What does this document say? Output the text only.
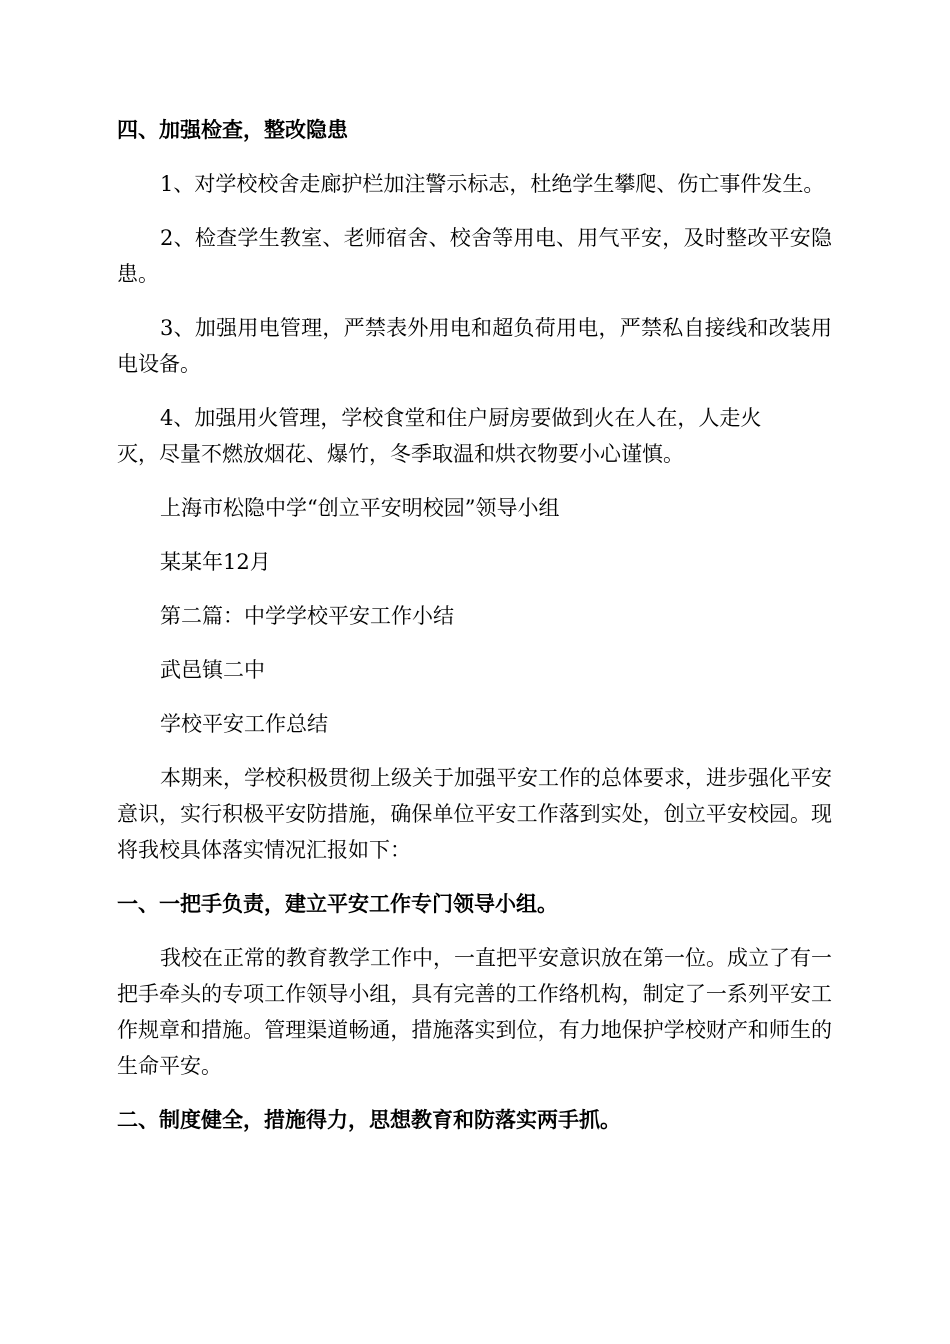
四、加强检查，整改隐患

1、对学校校舍走廊护栏加注警示标志，杜绝学生攀爬、伤亡事件发生。

2、检查学生教室、老师宿舍、校舍等用电、用气平安，及时整改平安隐患。

3、加强用电管理，严禁表外用电和超负荷用电，严禁私自接线和改装用电设备。

4、加强用火管理，学校食堂和住户厨房要做到火在人在，人走火

灭，尽量不燃放烟花、爆竹，冬季取温和烘衣物要小心谨慎。

上海市松隐中学“创立平安明校园”领导小组

某某年12月

第二篇：中学学校平安工作小结

武邑镇二中

学校平安工作总结

本期来，学校积极贯彻上级关于加强平安工作的总体要求，进步强化平安意识，实行积极平安防措施，确保单位平安工作落到实处，创立平安校园。现将我校具体落实情况汇报如下：

一、一把手负责，建立平安工作专门领导小组。

我校在正常的教育教学工作中，一直把平安意识放在第一位。成立了有一把手牵头的专项工作领导小组，具有完善的工作络机构，制定了一系列平安工作规章和措施。管理渠道畅通，措施落实到位，有力地保护学校财产和师生的生命平安。

二、制度健全，措施得力，思想教育和防落实两手抓。
